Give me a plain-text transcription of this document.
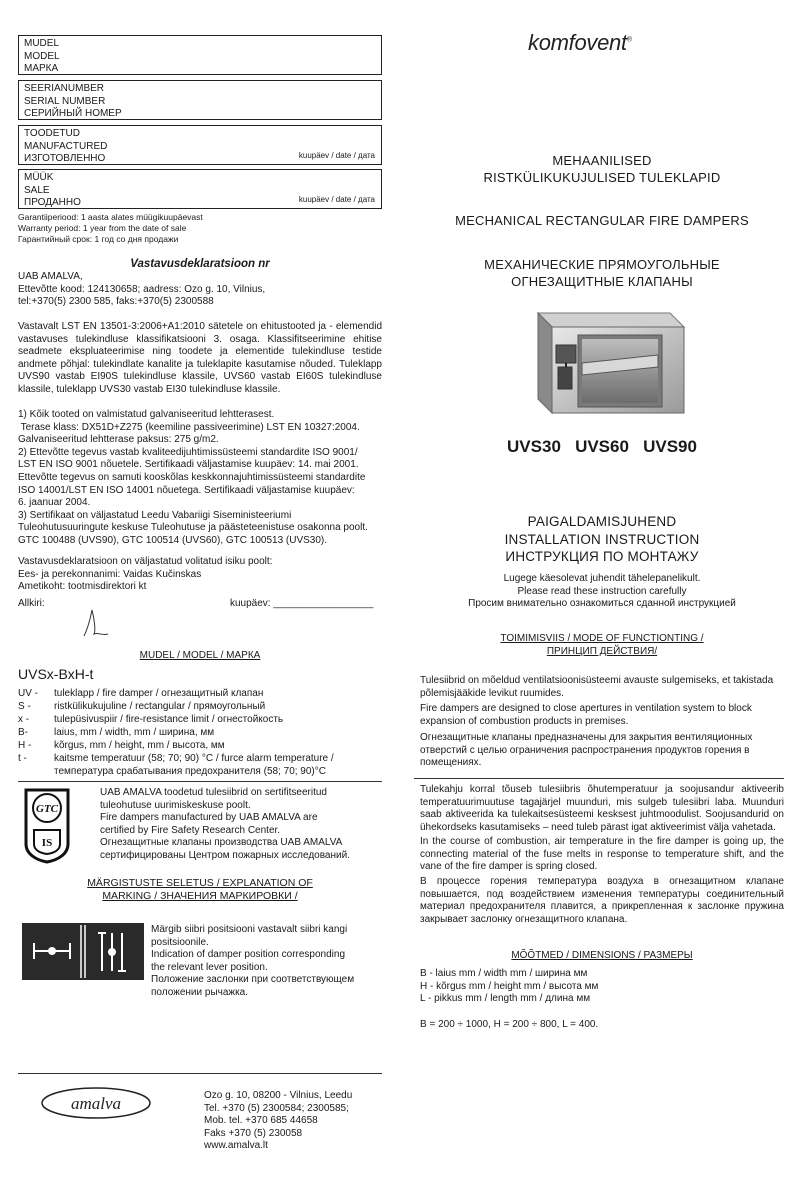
MUDEL
MODEL
МАРКА
SEERIANUMBER
SERIAL NUMBER
СЕРИЙНЫЙ НОМЕР
TOODETUD
MANUFACTURED
ИЗГОТОВЛЕННО	kuupäev / date / дата
MÜÜK
SALE
ПРОДАННО	kuupäev / date / дата
Garantiiperiood: 1 aasta alates müügikuupäevast
Warranty period: 1 year from the date of sale
Гарантийный срок: 1 год со дня продажи
Vastavusdeklaratsioon nr
UAB AMALVA,
Ettevõtte kood: 124130658; aadress: Ozo g. 10, Vilnius,
tel:+370(5) 2300 585, faks:+370(5) 2300588
Vastavalt LST EN 13501-3:2006+A1:2010 sätetele on ehitustooted ja - elemendid vastavuses tulekindluse klassifikatsiooni 3. osaga. Klassifitseerimine ehitise seadmete ekspluateerimise ning toodete ja elementide tulekindluse testide andmete põhjal: tulekindlate kanalite ja tuleklapite kasutamise nõuded. Tuleklapp UVS90 vastab EI90S tulekindluse klassile, UVS60 vastab EI60S tulekindluse klassile, tuleklapp UVS30 vastab EI30 tulekindluse klassile.
1) Kõik tooted on valmistatud galvaniseeritud lehtterasest.
Terase klass: DX51D+Z275 (keemiline passiveerimine) LST EN 10327:2004.
Galvaniseeritud lehtterase paksus: 275 g/m2.
2) Ettevõtte tegevus vastab kvaliteedijuhtimissüsteemi standardite ISO 9001/
LST EN ISO 9001 nõuetele. Sertifikaadi väljastamise kuupäev: 14. mai 2001.
Ettevõtte tegevus on samuti kooskõlas keskkonnajuhtimissüsteemi standardite
ISO 14001/LST EN ISO 14001 nõuetega. Sertifikaadi väljastamise kuupäev:
6. jaanuar 2004.
3) Sertifikaat on väljastatud Leedu Vabariigi Siseministeeriumi
Tuleohutusuuringute keskuse Tuleohutuse ja päästeteenistuse osakonna poolt.
GTC 100488 (UVS90), GTC 100514 (UVS60), GTC 100513 (UVS30).
Vastavusdeklaratsioon on väljastatud volitatud isiku poolt:
Ees- ja perekonnanimi: Vaidas Kučinskas
Ametikoht: tootmisdirektori kt
Allkiri:	kuupäev: __________________
MUDEL / MODEL / МАРКА
UVSx-BxH-t
UV -	tuleklapp / fire damper / огнезащитный клапан
S -	ristkülikukujuline / rectangular / прямоугольный
x -	tulepüsivuspiir / fire-resistance limit / огнестойкость
B-	laius, mm / width, mm / ширина, мм
H -	kõrgus, mm / height, mm / высота, мм
t -	kaitsme temperatuur (58; 70; 90) °C / furce alarm temperature /
температура срабатывания предохранителя (58; 70; 90)°C
GTC
IS
UAB AMALVA toodetud tulesiibrid on sertifitseeritud
tuleohutuse uurimiskeskuse poolt.
Fire dampers manufactured by UAB AMALVA are
certified by Fire Safety Research Center.
Огнезащитные клапаны производства UAB AMALVA
сертифицированы Центром пожарных исследований.
MÄRGISTUSTE SELETUS / EXPLANATION OF
MARKING / ЗНАЧЕНИЯ МАРКИРОВКИ /
Märgib siibri positsiooni vastavalt siibri kangi
positsioonile.
Indication of damper position corresponding
the relevant lever position.
Положение заслонки при соответствующем
положении рычажка.
amalva	Ozo g. 10, 08200 - Vilnius, Leedu
Tel. +370 (5) 2300584; 2300585;
Mob. tel. +370 685 44658
Faks +370 (5) 230058
www.amalva.lt
komfovent®
MEHAANILISED
RISTKÜLIKUKUJULISED TULEKLAPID
MECHANICAL RECTANGULAR FIRE DAMPERS
МЕХАНИЧЕСКИЕ ПРЯМОУГОЛЬНЫЕ
ОГНЕЗАЩИТНЫЕ КЛАПАНЫ
UVS30   UVS60   UVS90
PAIGALDAMISJUHEND
INSTALLATION INSTRUCTION
ИНСТРУКЦИЯ ПО МОНТАЖУ
Lugege käesolevat juhendit tähelepanelikult.
Please read these instruction carefully
Просим внимательно ознакомиться сданной инструкцией
TOIMIMISVIIS / MODE OF FUNCTIONTING /
ПРИНЦИП ДЕЙСТВИЯ/
Tulesiibrid on mõeldud ventilatsioonisüsteemi avauste sulgemiseks, et takistada põlemisjääkide levikut ruumides.
Fire dampers are designed to close apertures in ventilation system to block expansion of combustion products in premises.
Огнезащитные клапаны предназначены для закрытия вентиляционных отверстий с целью ограничения распространения продуктов горения в помещениях.
Tulekahju korral tõuseb tulesiibris õhutemperatuur ja soojusandur aktiveerib temperatuurimuutuse tagajärjel muunduri, mis sulgeb tulesiibri laba. Muunduri saab aktiveerida ka tulekaitsesüsteemi kesksest juhtmoodulist. Soojusandurid on ühekordseks kasutamiseks – need tuleb pärast igat aktiveerimist välja vahetada.
In the course of combustion, air temperature in the fire damper is going up, the connecting material of the fuse melts in response to temperature shift, and the vane of the fire damper is spring closed.
В процессе горения температура воздуха в огнезащитном клапане повышается, под воздействием изменения температуры соединительный материал предохранителя плавится, а прикрепленная к заслонке пружина закрывает заслонку огнезащитного клапана.
MÕÕTMED / DIMENSIONS / РАЗМЕРЫ
B - laius mm / width mm / ширина мм
H - kõrgus mm / height mm / высота мм
L - pikkus mm / length mm / длина мм
B = 200 ÷ 1000, H = 200 ÷ 800, L = 400.
